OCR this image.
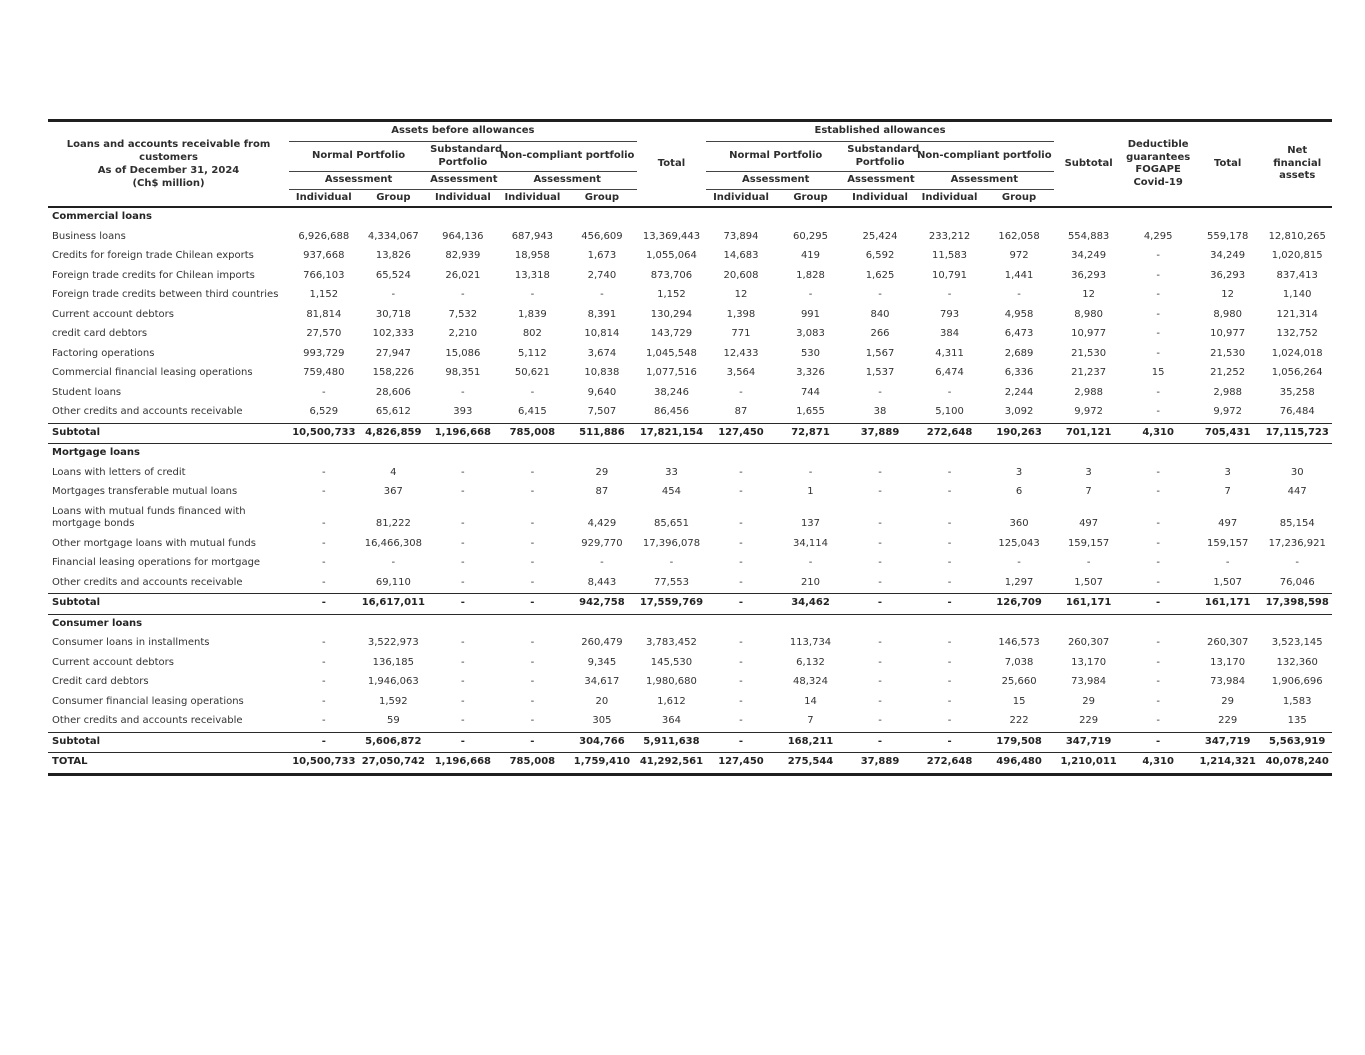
Loans and accounts receivable from customers
As of December 31, 2024
(Ch$ million)	Assets before allowances					Total	Established allowances					Subtotal	Deductible guarantees FOGAPE Covid-19	Total	Net financial assets
	Normal Portfolio		Substandard Portfolio	Non-compliant portfolio			Normal Portfolio		Substandard Portfolio	Non-compliant portfolio					
	Assessment		Assessment	Assessment			Assessment		Assessment	Assessment					
	Individual	Group	Individual	Individual	Group		Individual	Group	Individual	Individual	Group				
Commercial loans															
Business loans	6,926,688	4,334,067	964,136	687,943	456,609	13,369,443	73,894	60,295	25,424	233,212	162,058	554,883	4,295	559,178	12,810,265
Credits for foreign trade Chilean exports	937,668	13,826	82,939	18,958	1,673	1,055,064	14,683	419	6,592	11,583	972	34,249	-	34,249	1,020,815
Foreign trade credits for Chilean imports	766,103	65,524	26,021	13,318	2,740	873,706	20,608	1,828	1,625	10,791	1,441	36,293	-	36,293	837,413
Foreign trade credits between third countries	1,152	-	-	-	-	1,152	12	-	-	-	-	12	-	12	1,140
Current account debtors	81,814	30,718	7,532	1,839	8,391	130,294	1,398	991	840	793	4,958	8,980	-	8,980	121,314
credit card debtors	27,570	102,333	2,210	802	10,814	143,729	771	3,083	266	384	6,473	10,977	-	10,977	132,752
Factoring operations	993,729	27,947	15,086	5,112	3,674	1,045,548	12,433	530	1,567	4,311	2,689	21,530	-	21,530	1,024,018
Commercial financial leasing operations	759,480	158,226	98,351	50,621	10,838	1,077,516	3,564	3,326	1,537	6,474	6,336	21,237	15	21,252	1,056,264
Student loans	-	28,606	-	-	9,640	38,246	-	744	-	-	2,244	2,988	-	2,988	35,258
Other credits and accounts receivable	6,529	65,612	393	6,415	7,507	86,456	87	1,655	38	5,100	3,092	9,972	-	9,972	76,484
Subtotal	10,500,733	4,826,859	1,196,668	785,008	511,886	17,821,154	127,450	72,871	37,889	272,648	190,263	701,121	4,310	705,431	17,115,723
Mortgage loans															
Loans with letters of credit	-	4	-	-	29	33	-	-	-	-	3	3	-	3	30
Mortgages transferable mutual loans	-	367	-	-	87	454	-	1	-	-	6	7	-	7	447
Loans with mutual funds financed with mortgage bonds	-	81,222	-	-	4,429	85,651	-	137	-	-	360	497	-	497	85,154
Other mortgage loans with mutual funds	-	16,466,308	-	-	929,770	17,396,078	-	34,114	-	-	125,043	159,157	-	159,157	17,236,921
Financial leasing operations for mortgage	-	-	-	-	-	-	-	-	-	-	-	-	-	-	-
Other credits and accounts receivable	-	69,110	-	-	8,443	77,553	-	210	-	-	1,297	1,507	-	1,507	76,046
Subtotal	-	16,617,011	-	-	942,758	17,559,769	-	34,462	-	-	126,709	161,171	-	161,171	17,398,598
Consumer loans															
Consumer loans in installments	-	3,522,973	-	-	260,479	3,783,452	-	113,734	-	-	146,573	260,307	-	260,307	3,523,145
Current account debtors	-	136,185	-	-	9,345	145,530	-	6,132	-	-	7,038	13,170	-	13,170	132,360
Credit card debtors	-	1,946,063	-	-	34,617	1,980,680	-	48,324	-	-	25,660	73,984	-	73,984	1,906,696
Consumer financial leasing operations	-	1,592	-	-	20	1,612	-	14	-	-	15	29	-	29	1,583
Other credits and accounts receivable	-	59	-	-	305	364	-	7	-	-	222	229	-	229	135
Subtotal	-	5,606,872	-	-	304,766	5,911,638	-	168,211	-	-	179,508	347,719	-	347,719	5,563,919
TOTAL	10,500,733	27,050,742	1,196,668	785,008	1,759,410	41,292,561	127,450	275,544	37,889	272,648	496,480	1,210,011	4,310	1,214,321	40,078,240
